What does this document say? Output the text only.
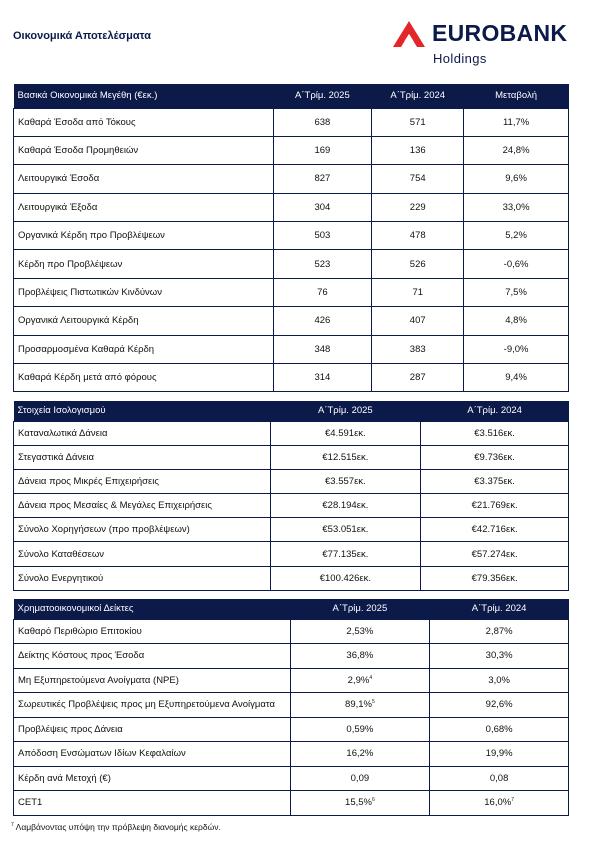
Οικονομικά Αποτελέσματα	EUROBANK
Holdings
Βασικά Οικονομικά Μεγέθη (€εκ.)	Α΄Τρίμ. 2025	Α΄Τρίμ. 2024	Μεταβολή
Καθαρά Έσοδα από Τόκους	638	571	11,7%
Καθαρά Έσοδα Προμηθειών	169	136	24,8%
Λειτουργικά Έσοδα	827	754	9,6%
Λειτουργικά Έξοδα	304	229	33,0%
Οργανικά Κέρδη προ Προβλέψεων	503	478	5,2%
Κέρδη προ Προβλέψεων	523	526	-0,6%
Προβλέψεις Πιστωτικών Κινδύνων	76	71	7,5%
Οργανικά Λειτουργικά Κέρδη	426	407	4,8%
Προσαρμοσμένα Καθαρά Κέρδη	348	383	-9,0%
Καθαρά Κέρδη μετά από φόρους	314	287	9,4%
Στοιχεία Ισολογισμού	Α΄Τρίμ. 2025	Α΄Τρίμ. 2024
Καταναλωτικά Δάνεια	€4.591εκ.	€3.516εκ.
Στεγαστικά Δάνεια	€12.515εκ.	€9.736εκ.
Δάνεια προς Μικρές Επιχειρήσεις	€3.557εκ.	€3.375εκ.
Δάνεια προς Μεσαίες & Μεγάλες Επιχειρήσεις	€28.194εκ.	€21.769εκ.
Σύνολο Χορηγήσεων (προ προβλέψεων)	€53.051εκ.	€42.716εκ.
Σύνολο Καταθέσεων	€77.135εκ.	€57.274εκ.
Σύνολο Ενεργητικού	€100.426εκ.	€79.356εκ.
Χρηματοοικονομικοί Δείκτες	Α΄Τρίμ. 2025	Α΄Τρίμ. 2024
Καθαρό Περιθώριο Επιτοκίου	2,53%	2,87%
Δείκτης Κόστους προς Έσοδα	36,8%	30,3%
Μη Εξυπηρετούμενα Ανοίγματα (NPE)	2,9%$^4$	3,0%
Σωρευτικές Προβλέψεις προς μη Εξυπηρετούμενα Ανοίγματα	89,1%$^5$	92,6%
Προβλέψεις προς Δάνεια	0,59%	0,68%
Απόδοση Ενσώματων Ιδίων Κεφαλαίων	16,2%	19,9%
Κέρδη ανά Μετοχή (€)	0,09	0,08
CET1	15,5%$^6$	16,0%$^7$
$^7$ Λαμβάνοντας υπόψη την πρόβλεψη διανομής κερδών.
